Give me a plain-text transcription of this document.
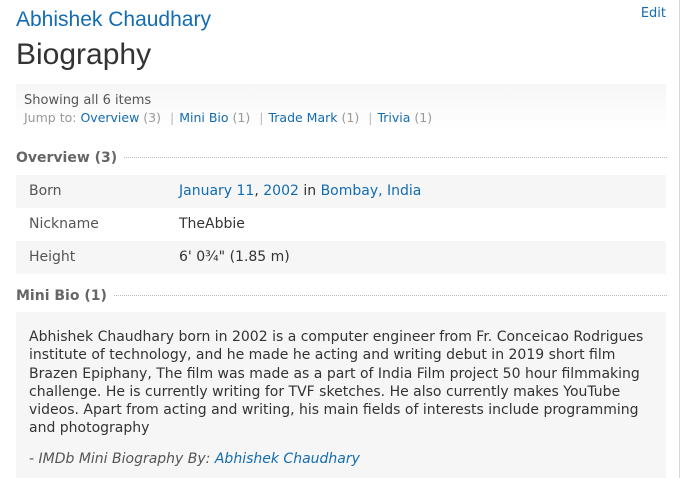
Abhishek Chaudhary
Biography
Edit
Showing all 6 items
Jump to: Overview (3) | Mini Bio (1) | Trade Mark (1) | Trivia (1)
Overview (3)
Born	January 11, 2002 in Bombay, India
Nickname	TheAbbie
Height	6' 0¾" (1.85 m)
Mini Bio (1)

Abhishek Chaudhary born in 2002 is a computer engineer from Fr. Conceicao Rodrigues institute of technology, and he made he acting and writing debut in 2019 short film Brazen Epiphany, The film was made as a part of India Film project 50 hour filmmaking challenge. He is currently writing for TVF sketches. He also currently makes YouTube videos. Apart from acting and writing, his main fields of interests include programming and photography

- IMDb Mini Biography By: Abhishek Chaudhary
